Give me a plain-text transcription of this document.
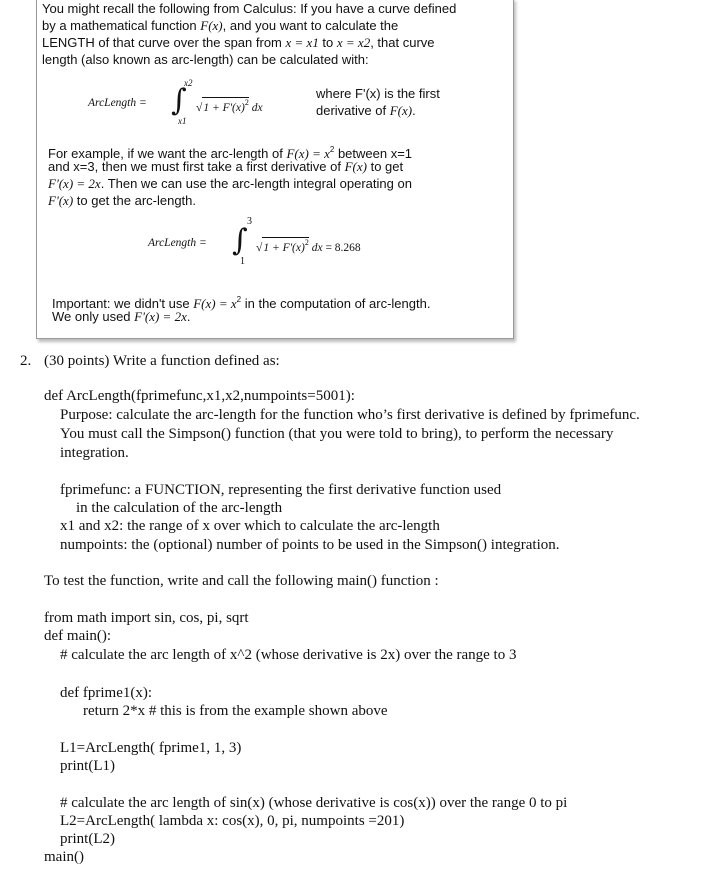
You might recall the following from Calculus: If you have a curve defined
by a mathematical function F(x), and you want to calculate the
LENGTH of that curve over the span from x = x1 to x = x2, that curve
length (also known as arc-length) can be calculated with:
ArcLength = ∫
x2
x1
$√1 + F'(x)^2$ dx
where F'(x) is the first
derivative of F(x).
For example, if we want the arc-length of $F(x) = x^2$ between x=1
and x=3, then we must first take a first derivative of F(x) to get
F'(x) = 2x. Then we can use the arc-length integral operating on
F'(x) to get the arc-length.
ArcLength = ∫
3
1
$√1 + F'(x)^2$ dx = 8.268
Important: we didn't use $F(x) = x^2$ in the computation of arc-length.
We only used F'(x) = 2x.
2. (30 points) Write a function defined as:
def ArcLength(fprimefunc,x1,x2,numpoints=5001):
Purpose: calculate the arc-length for the function who’s first derivative is defined by fprimefunc.
You must call the Simpson() function (that you were told to bring), to perform the necessary
integration.
fprimefunc: a FUNCTION, representing the first derivative function used
in the calculation of the arc-length
x1 and x2: the range of x over which to calculate the arc-length
numpoints: the (optional) number of points to be used in the Simpson() integration.
To test the function, write and call the following main() function :
from math import sin, cos, pi, sqrt
def main():
# calculate the arc length of x^2 (whose derivative is 2x) over the range to 3
def fprime1(x):
return 2*x # this is from the example shown above
L1=ArcLength( fprime1, 1, 3)
print(L1)
# calculate the arc length of sin(x) (whose derivative is cos(x)) over the range 0 to pi
L2=ArcLength( lambda x: cos(x), 0, pi, numpoints =201)
print(L2)
main()
